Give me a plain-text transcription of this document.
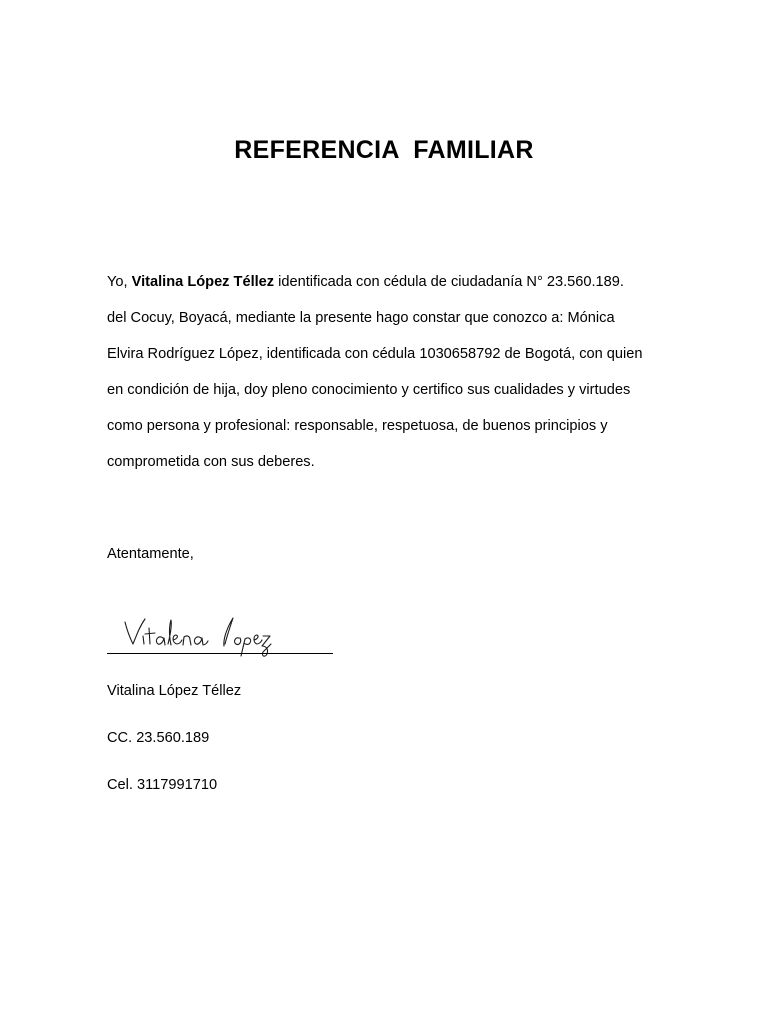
REFERENCIA  FAMILIAR

Yo, Vitalina López Téllez identificada con cédula de ciudadanía N° 23.560.189.

del Cocuy, Boyacá, mediante la presente hago constar que conozco a: Mónica

Elvira Rodríguez López, identificada con cédula 1030658792 de Bogotá, con quien

en condición de hija, doy pleno conocimiento y certifico sus cualidades y virtudes

como persona y profesional: responsable, respetuosa, de buenos principios y

comprometida con sus deberes.

Atentamente,

Vitalina López Téllez

CC. 23.560.189

Cel. 3117991710
